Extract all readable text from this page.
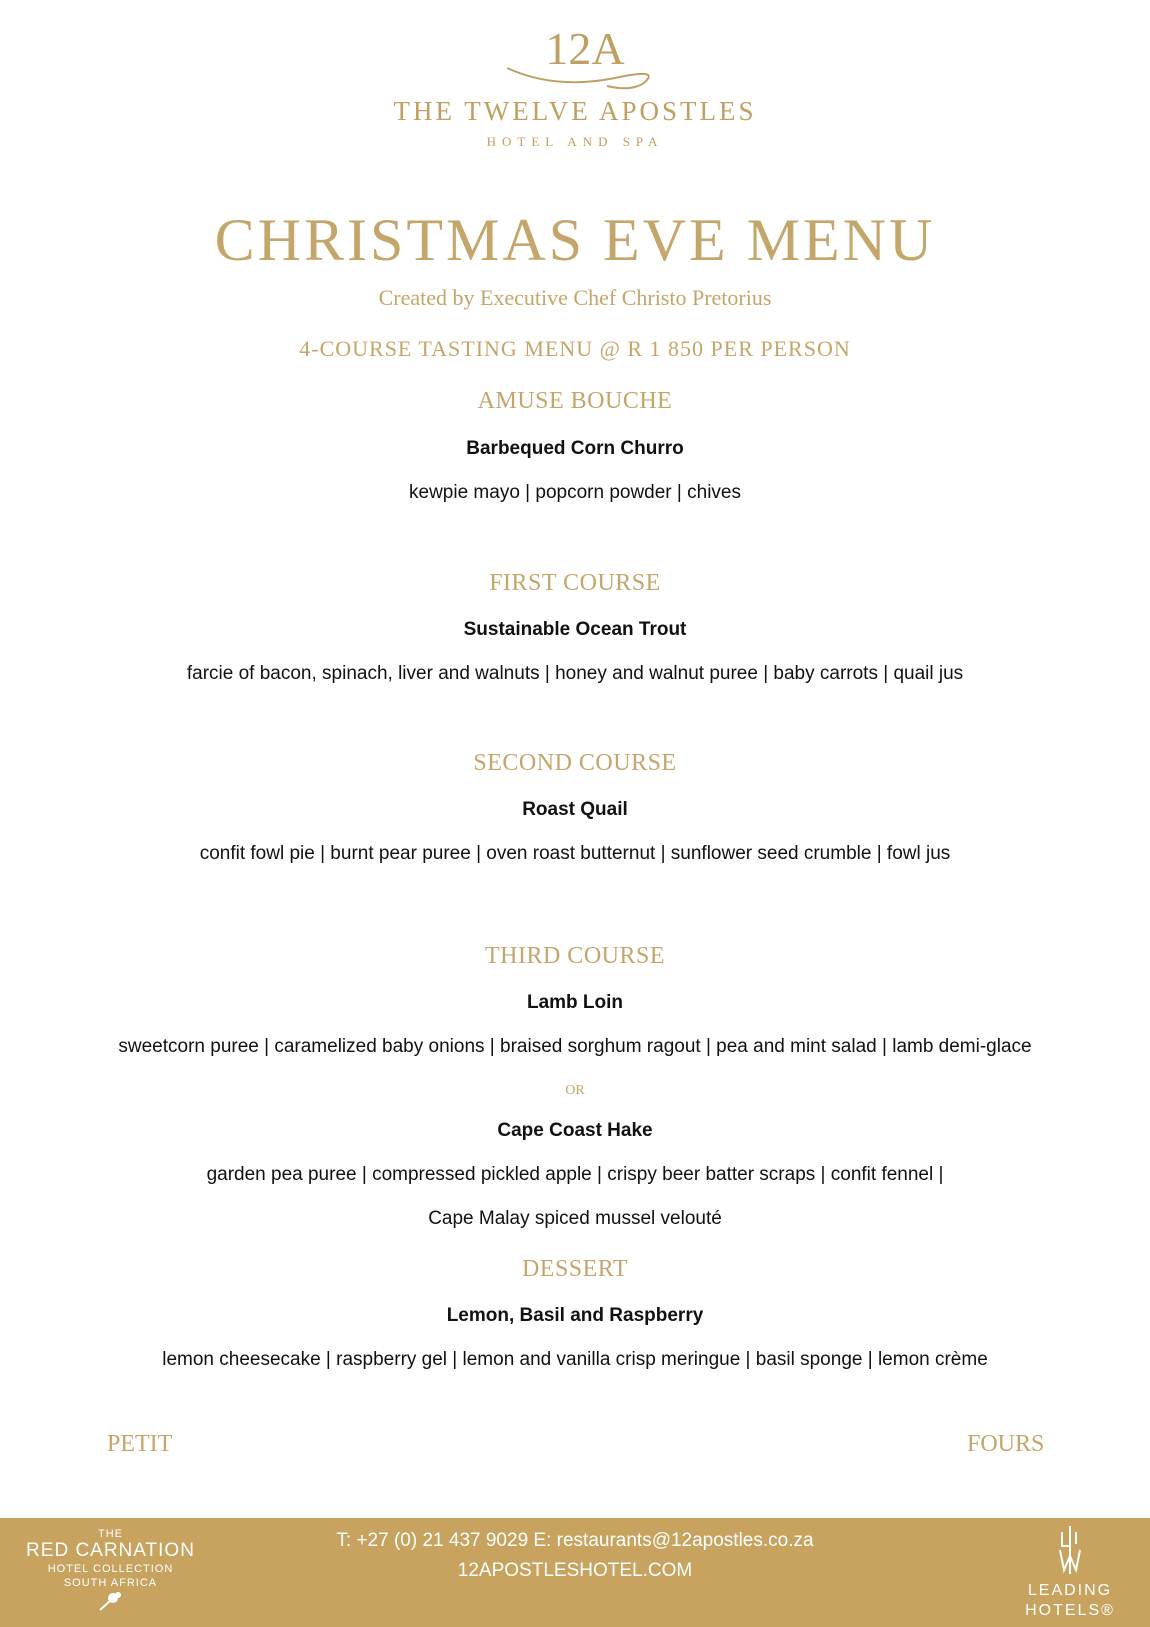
12A
THE TWELVE APOSTLES
HOTEL AND SPA
CHRISTMAS EVE MENU
Created by Executive Chef Christo Pretorius
4-COURSE TASTING MENU @ R 1 850 PER PERSON
AMUSE BOUCHE
Barbequed Corn Churro
kewpie mayo | popcorn powder | chives
FIRST COURSE
Sustainable Ocean Trout
farcie of bacon, spinach, liver and walnuts | honey and walnut puree | baby carrots | quail jus
SECOND COURSE
Roast Quail
confit fowl pie | burnt pear puree | oven roast butternut | sunflower seed crumble | fowl jus
THIRD COURSE
Lamb Loin
sweetcorn puree | caramelized baby onions | braised sorghum ragout | pea and mint salad | lamb demi-glace
OR
Cape Coast Hake
garden pea puree | compressed pickled apple | crispy beer batter scraps | confit fennel |
Cape Malay spiced mussel velouté
DESSERT
Lemon, Basil and Raspberry
lemon cheesecake | raspberry gel | lemon and vanilla crisp meringue | basil sponge | lemon crème
PETIT	FOURS
THE
RED CARNATION
HOTEL COLLECTION
SOUTH AFRICA
T: +27 (0) 21 437 9029 E: restaurants@12apostles.co.za
12APOSTLESHOTEL.COM
LEADING
HOTELS®
